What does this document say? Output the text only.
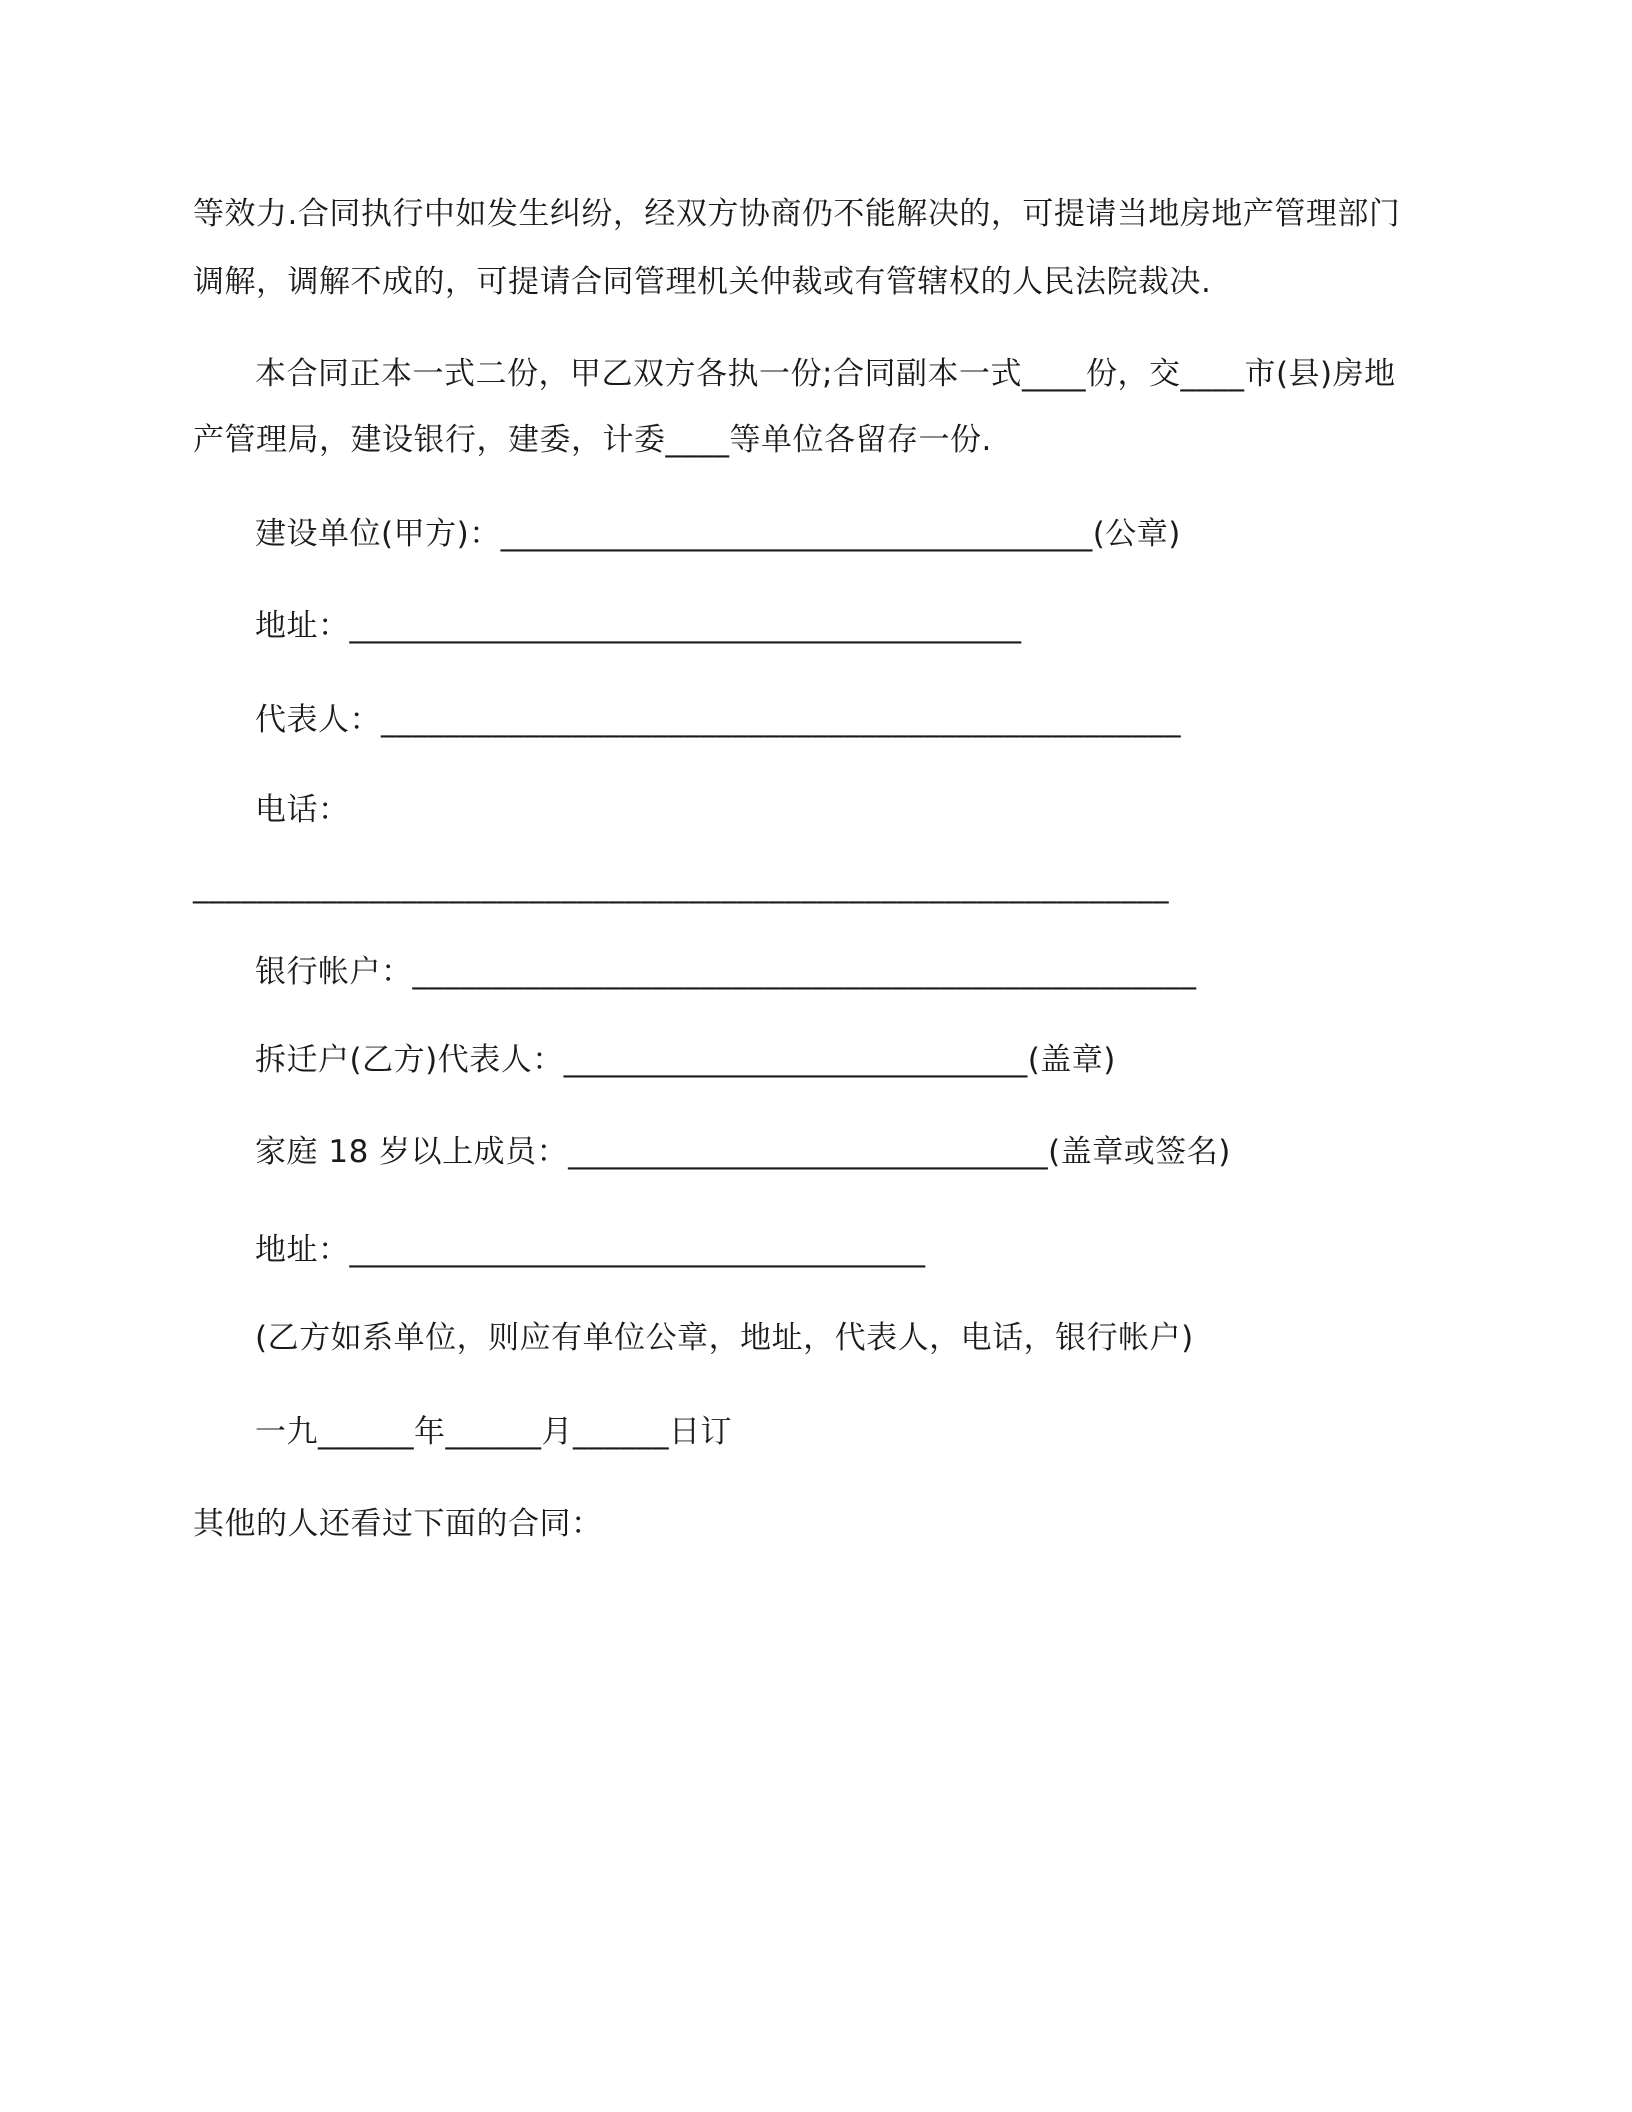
等效力.合同执行中如发生纠纷，经双方协商仍不能解决的，可提请当地房地产管理部门
调解，调解不成的，可提请合同管理机关仲裁或有管辖权的人民法院裁决.
本合同正本一式二份，甲乙双方各执一份;合同副本一式____份，交____市(县)房地
产管理局，建设银行，建委，计委____等单位各留存一份.
建设单位(甲方)：_____________________________________(公章)
地址：__________________________________________
代表人：__________________________________________________
电话：
_____________________________________________________________
银行帐户：_________________________________________________
拆迁户(乙方)代表人：_____________________________(盖章)
家庭 18 岁以上成员：______________________________(盖章或签名)
地址：____________________________________
(乙方如系单位，则应有单位公章，地址，代表人，电话，银行帐户)
一九______年______月______日订
其他的人还看过下面的合同：
